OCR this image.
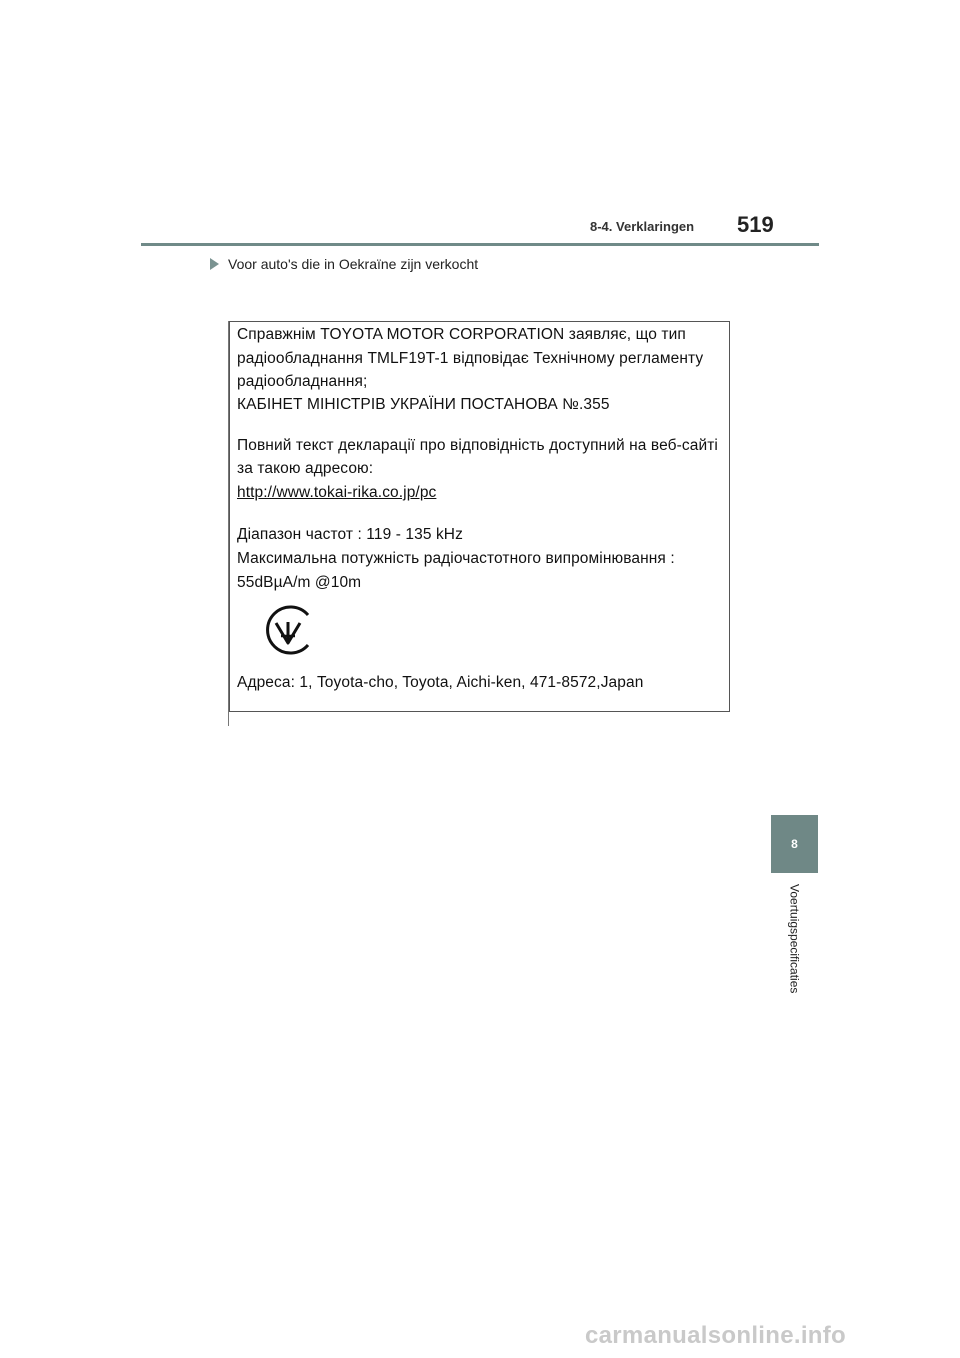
8-4. Verklaringen 519
Voor auto's die in Oekraïne zijn verkocht
Справжнім TOYOTA MOTOR CORPORATION заявляє, що тип
радіообладнання TMLF19T-1 відповідає Технічному регламенту
радіообладнання;
КАБІНЕТ МІНІСТРІВ УКРАЇНИ ПОСТАНОВА №.355
Повний текст декларації про відповідність доступний на веб-сайті
за такою адресою:
http://www.tokai-rika.co.jp/pc
Діапазон частот : 119 - 135 kHz
Максимальна потужність радіочастотного випромінювання :
55dBµA/m @10m
Адреса: 1, Toyota-cho, Toyota, Aichi-ken, 471-8572,Japan
8
Voertuigspecificaties
carmanualsonline.info
